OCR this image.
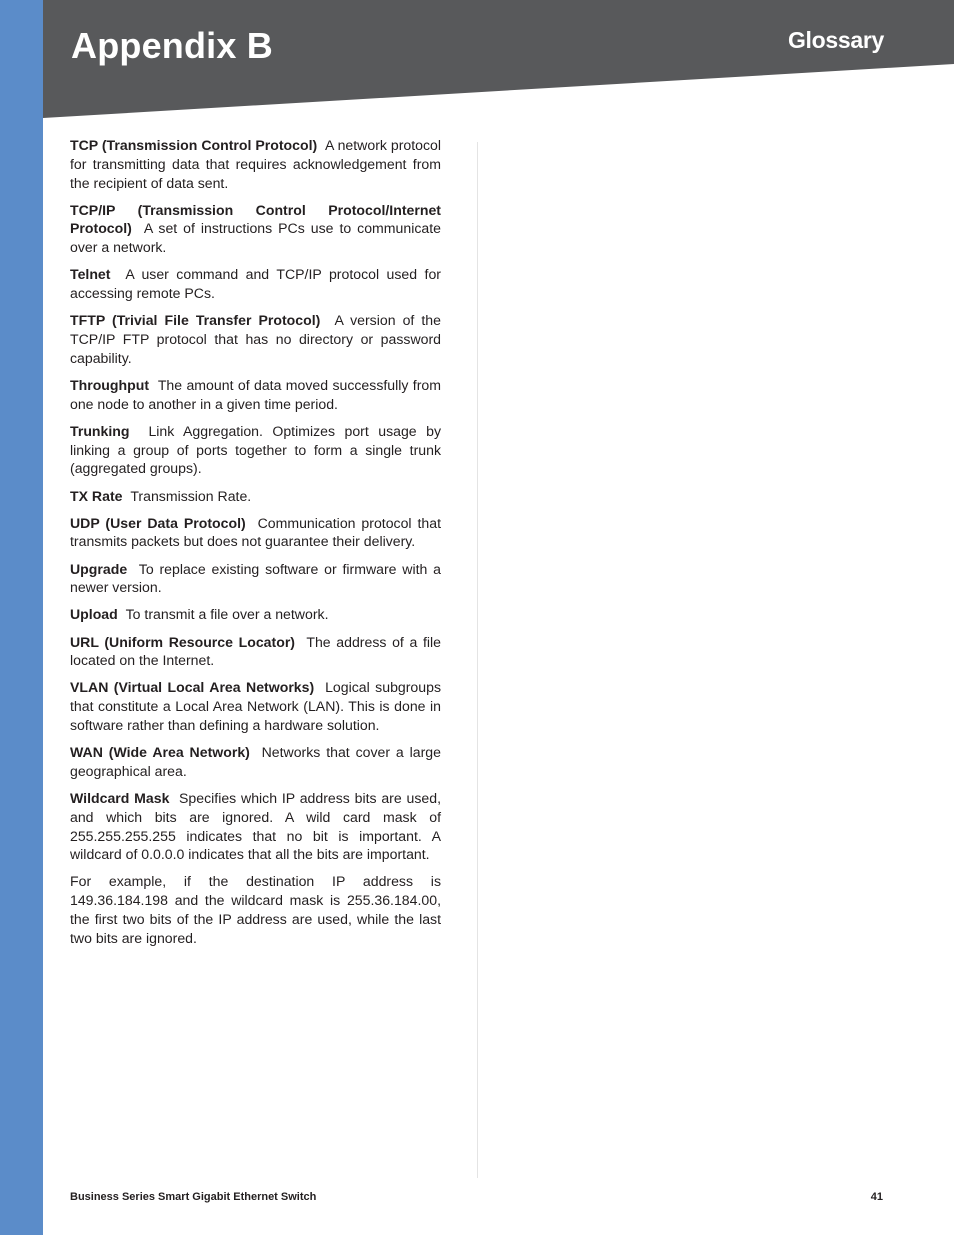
Appendix B	Glossary

TCP (Transmission Control Protocol) A network protocol for transmitting data that requires acknowledgement from the recipient of data sent.

TCP/IP (Transmission Control Protocol/Internet Protocol) A set of instructions PCs use to communicate over a network.

Telnet A user command and TCP/IP protocol used for accessing remote PCs.

TFTP (Trivial File Transfer Protocol) A version of the TCP/IP FTP protocol that has no directory or password capability.

Throughput The amount of data moved successfully from one node to another in a given time period.

Trunking Link Aggregation. Optimizes port usage by linking a group of ports together to form a single trunk (aggregated groups).

TX Rate Transmission Rate.

UDP (User Data Protocol) Communication protocol that transmits packets but does not guarantee their delivery.

Upgrade To replace existing software or firmware with a newer version.

Upload To transmit a file over a network.

URL (Uniform Resource Locator) The address of a file located on the Internet.

VLAN (Virtual Local Area Networks) Logical subgroups that constitute a Local Area Network (LAN). This is done in software rather than defining a hardware solution.

WAN (Wide Area Network) Networks that cover a large geographical area.

Wildcard Mask Specifies which IP address bits are used, and which bits are ignored. A wild card mask of 255.255.255.255 indicates that no bit is important. A wildcard of 0.0.0.0 indicates that all the bits are important.

For example, if the destination IP address is 149.36.184.198 and the wildcard mask is 255.36.184.00, the first two bits of the IP address are used, while the last two bits are ignored.

Business Series Smart Gigabit Ethernet Switch	41
